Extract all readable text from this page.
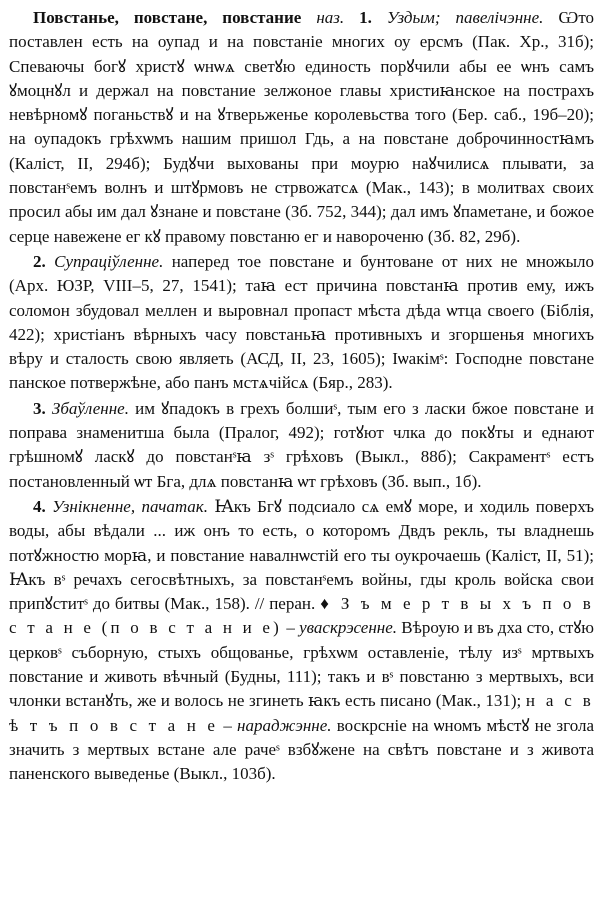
Повстанье, повстане, повстание наз. 1. Уздым; павелічэнне. Ѡто поставлен есть на оупад и на повстаніе многих оу ерсмъ (Пак. Хр., 31б); Спеваючы богꙋ христꙋ ѡнѡѧ светꙋю единость порꙋчили абы ее ѡнъ самъ ꙋмоцнꙋл и держал на повстание зелжоное главы христиꙗнское на пострахъ невѣрномꙋ поганьствꙋ и на ꙋтверьженье королевьства того (Бер. саб., 19б–20); на оупадокъ грѣхѡмъ нашим пришол Гдь, а на повстане доброчинностꙗмъ (Каліст, II, 294б); Будꙋчи выхованы при моурю наꙋчилисѧ плывати, за повстанˢемъ волнъ и штꙋрмовъ не стрвожатсѧ (Мак., 143); в молитвах своих просил абы им дал ꙋзнане и повстане (Зб. 752, 344); дал имъ ꙋпаметане, и божое серце навежене ег кꙋ правому повстаню ег и навороченю (Зб. 82, 29б).

2. Супраціўленне. наперед тое повстане и бунтоване от них не множыло (Арх. ЮЗР, VIII–5, 27, 1541); таꙗ ест причина повстанꙗ против ему, ижъ соломон збудовал меллен и выровнал пропаст мѣста дѣда ѡтца своего (Біблія, 422); христіанъ вѣрныхъ часу повстаньꙗ противныхъ и згоршенья многихъ вѣру и сталость свою являеть (АСД, II, 23, 1605); Іѡакімˢ: Господне повстане панское потвержѣне, або панъ мстѧчійсѧ (Бяр., 283).

3. Збаўленне. им ꙋпадокъ в грехъ болшиˢ, тым его з ласки бжое повстане и поправа знаменитша была (Пралог, 492); готꙋют члка до покꙋты и еднают грѣшномꙋ ласкꙋ до повстанˢꙗ зˢ грѣховъ (Выкл., 88б); Сакраментˢ естъ постановленный ѡт Бга, длѧ повстанꙗ ѡт грѣховъ (Зб. вып., 1б).

4. Узнікненне, пачатак. Ꙗкъ Бгꙋ подсиало сѧ емꙋ море, и ходиль поверхъ воды, абы вѣдали ... иж онъ то есть, о которомъ Двдъ рекль, ты владнешь потꙋжностю морꙗ, и повстание навалнѡстій его ты оукрочаешь (Каліст, II, 51); Ꙗкъ вˢ речахъ сегосвѣтныхъ, за повстанˢемъ войны, гды кроль войска свои припꙋститˢ до битвы (Мак., 158). // перан. ♦ З ъ м е р т в ы х ъ п о в с т а н е (п о в с т а н и е) – уваскрэсенне. Вѣроую и въ дха сто, стꙋю церковˢ съборную, стыхъ общованье, грѣхѡм оставленіе, тѣлу изˢ мртвыхъ повстание и животь вѣчный (Будны, 111); такъ и вˢ повстаню з мертвыхъ, вси члонки встанꙋть, же и волось не згинеть ꙗкъ есть писано (Мак., 131); н а с в ѣ т ъ п о в с т а н е – нараджэнне. воскрсніе на ѡномъ мѣстꙋ не згола значить з мертвых встане але рачеˢ взбꙋжене на свѣтъ повстане и з живота паненского выведенье (Выкл., 103б).
